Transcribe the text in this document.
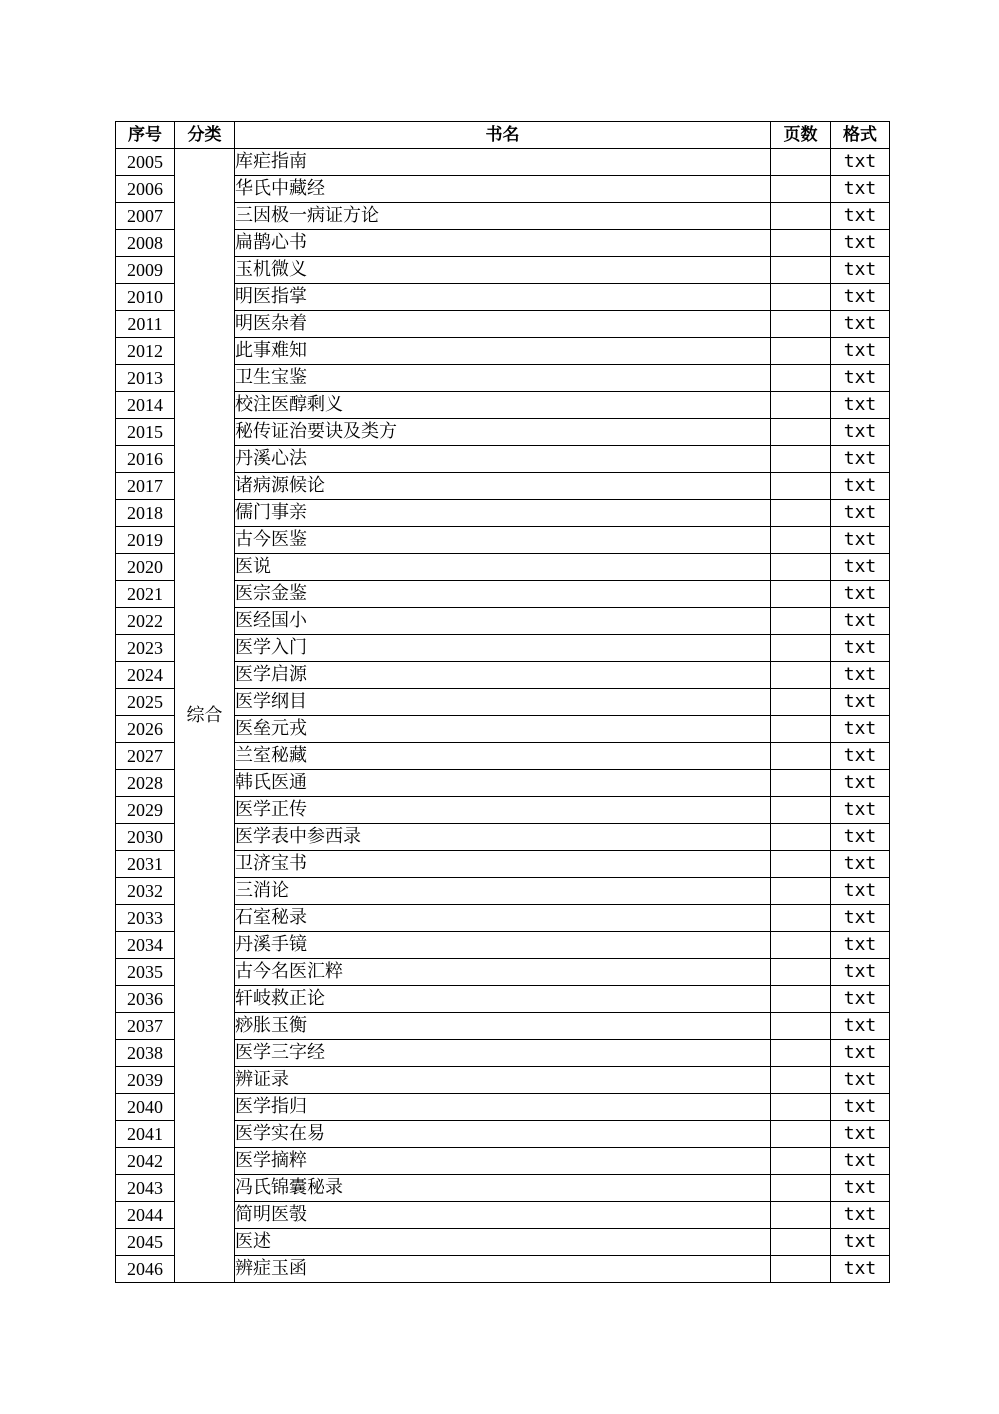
序号	分类	书名	页数	格式
2005	综合	库疟指南		txt
2006		华氏中藏经		txt
2007		三因极一病证方论		txt
2008		扁鹊心书		txt
2009		玉机微义		txt
2010		明医指掌		txt
2011		明医杂着		txt
2012		此事难知		txt
2013		卫生宝鉴		txt
2014		校注医醇剩义		txt
2015		秘传证治要诀及类方		txt
2016		丹溪心法		txt
2017		诸病源候论		txt
2018		儒门事亲		txt
2019		古今医鉴		txt
2020		医说		txt
2021		医宗金鉴		txt
2022		医经国小		txt
2023		医学入门		txt
2024		医学启源		txt
2025		医学纲目		txt
2026		医垒元戎		txt
2027		兰室秘藏		txt
2028		韩氏医通		txt
2029		医学正传		txt
2030		医学表中参西录		txt
2031		卫济宝书		txt
2032		三消论		txt
2033		石室秘录		txt
2034		丹溪手镜		txt
2035		古今名医汇粹		txt
2036		轩岐救正论		txt
2037		痧胀玉衡		txt
2038		医学三字经		txt
2039		辨证录		txt
2040		医学指归		txt
2041		医学实在易		txt
2042		医学摘粹		txt
2043		冯氏锦囊秘录		txt
2044		简明医彀		txt
2045		医述		txt
2046		辨症玉函		txt
